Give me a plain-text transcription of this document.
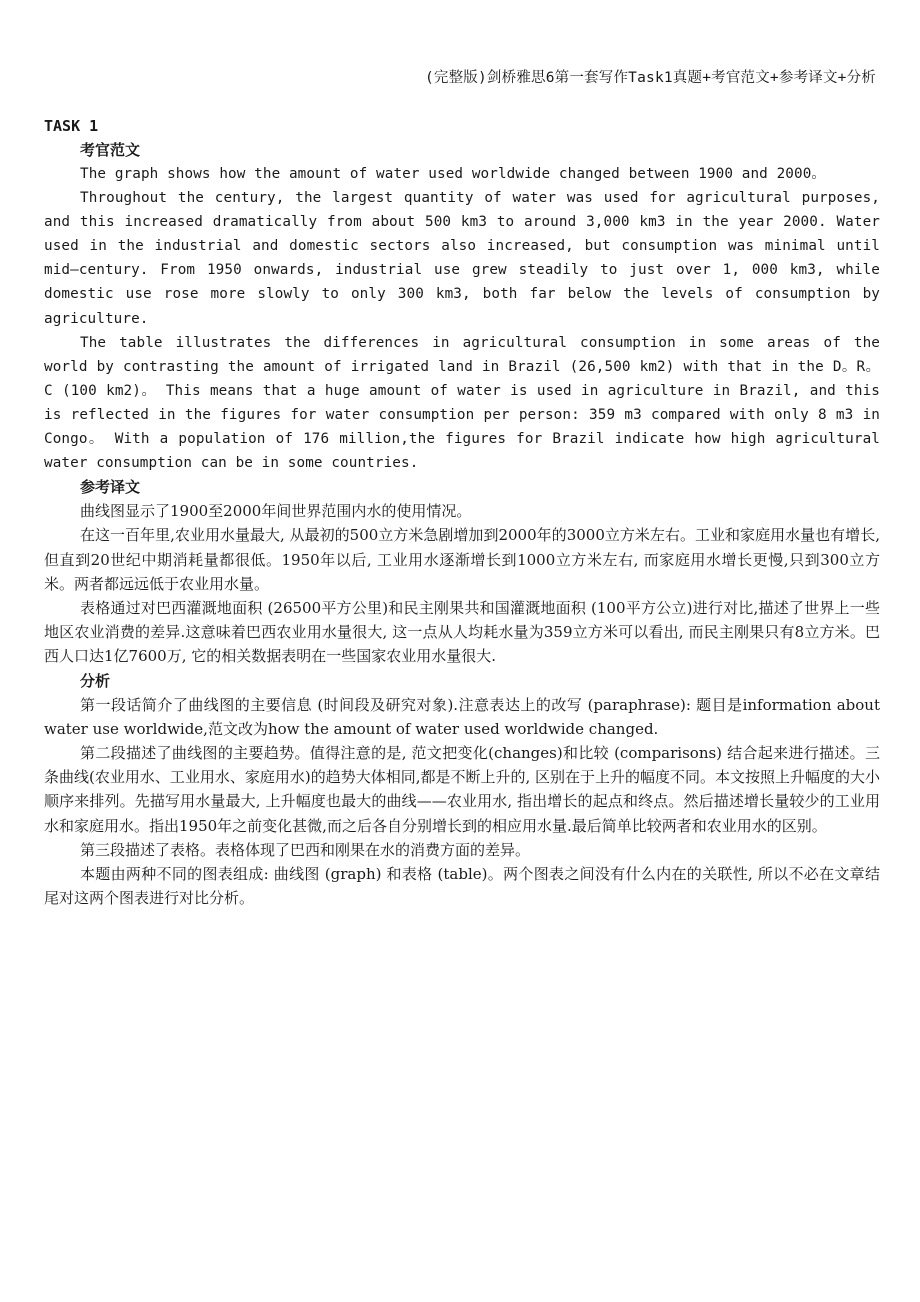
(完整版)剑桥雅思6第一套写作Task1真题+考官范文+参考译文+分析

TASK 1

考官范文

The graph shows how the amount of water used worldwide changed between 1900 and 2000。

Throughout the century, the largest quantity of water was used for agricultural purposes, and this increased dramatically from about 500 km3 to around 3,000 km3 in the year 2000. Water used in the industrial and domestic sectors also increased, but consumption was minimal until mid—century. From 1950 onwards, industrial use grew steadily to just over 1, 000 km3, while domestic use rose more slowly to only 300 km3, both far below the levels of consumption by agriculture.

The table illustrates the differences in agricultural consumption in some areas of the world by contrasting the amount of irrigated land in Brazil (26,500 km2) with that in the D。R。 C (100 km2)。 This means that a huge amount of water is used in agriculture in Brazil, and this is reflected in the figures for water consumption per person: 359 m3 compared with only 8 m3 in Congo。 With a population of 176 million,the figures for Brazil indicate how high agricultural water consumption can be in some countries.

参考译文

曲线图显示了1900至2000年间世界范围内水的使用情况。

在这一百年里,农业用水量最大, 从最初的500立方米急剧增加到2000年的3000立方米左右。工业和家庭用水量也有增长,但直到20世纪中期消耗量都很低。1950年以后, 工业用水逐渐增长到1000立方米左右, 而家庭用水增长更慢,只到300立方米。两者都远远低于农业用水量。

表格通过对巴西灌溉地面积 (26500平方公里)和民主刚果共和国灌溉地面积 (100平方公立)进行对比,描述了世界上一些地区农业消费的差异.这意味着巴西农业用水量很大, 这一点从人均耗水量为359立方米可以看出, 而民主刚果只有8立方米。巴西人口达1亿7600万, 它的相关数据表明在一些国家农业用水量很大.

分析

第一段话简介了曲线图的主要信息 (时间段及研究对象).注意表达上的改写 (paraphrase): 题目是information about water use worldwide,范文改为how the amount of water used worldwide changed.

第二段描述了曲线图的主要趋势。值得注意的是, 范文把变化(changes)和比较 (comparisons) 结合起来进行描述。三条曲线(农业用水、工业用水、家庭用水)的趋势大体相同,都是不断上升的, 区别在于上升的幅度不同。本文按照上升幅度的大小顺序来排列。先描写用水量最大, 上升幅度也最大的曲线——农业用水, 指出增长的起点和终点。然后描述增长量较少的工业用水和家庭用水。指出1950年之前变化甚微,而之后各自分别增长到的相应用水量.最后简单比较两者和农业用水的区别。

第三段描述了表格。表格体现了巴西和刚果在水的消费方面的差异。

本题由两种不同的图表组成: 曲线图 (graph) 和表格 (table)。两个图表之间没有什么内在的关联性, 所以不必在文章结尾对这两个图表进行对比分析。
